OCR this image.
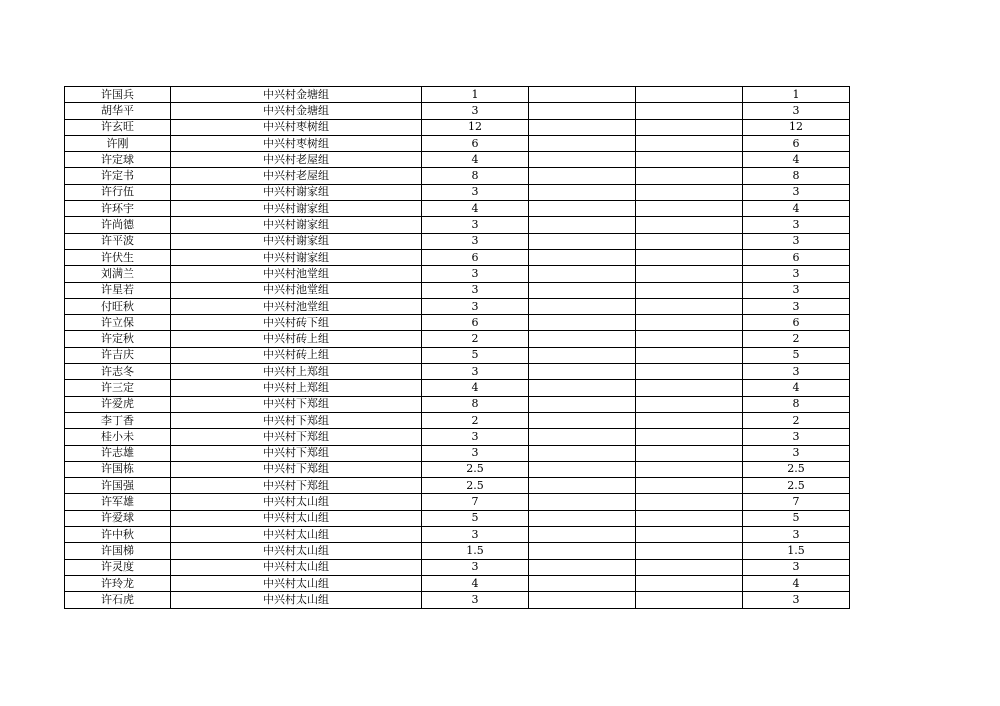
许国兵	中兴村金塘组	1			1
胡华平	中兴村金塘组	3			3
许玄旺	中兴村枣树组	12			12
许刚	中兴村枣树组	6			6
许定球	中兴村老屋组	4			4
许定书	中兴村老屋组	8			8
许行伍	中兴村谢家组	3			3
许环宇	中兴村谢家组	4			4
许尚德	中兴村谢家组	3			3
许平波	中兴村谢家组	3			3
许伏生	中兴村谢家组	6			6
刘满兰	中兴村池堂组	3			3
许星若	中兴村池堂组	3			3
付旺秋	中兴村池堂组	3			3
许立保	中兴村砖下组	6			6
许定秋	中兴村砖上组	2			2
许吉庆	中兴村砖上组	5			5
许志冬	中兴村上郑组	3			3
许三定	中兴村上郑组	4			4
许爱虎	中兴村下郑组	8			8
李丁香	中兴村下郑组	2			2
桂小未	中兴村下郑组	3			3
许志雄	中兴村下郑组	3			3
许国栋	中兴村下郑组	2.5			2.5
许国强	中兴村下郑组	2.5			2.5
许军雄	中兴村太山组	7			7
许爱球	中兴村太山组	5			5
许中秋	中兴村太山组	3			3
许国梯	中兴村太山组	1.5			1.5
许灵度	中兴村太山组	3			3
许玲龙	中兴村太山组	4			4
许石虎	中兴村太山组	3			3
